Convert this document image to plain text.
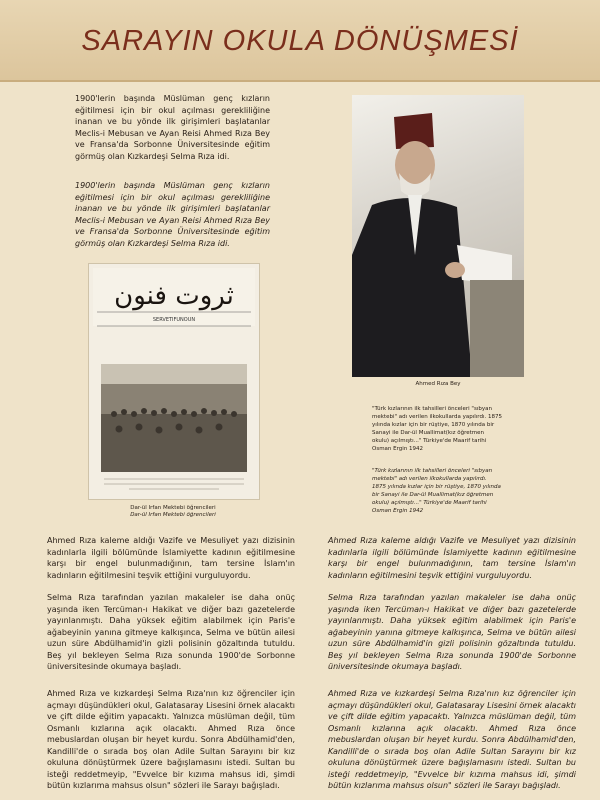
SARAYIN OKULA DÖNÜŞMESİ

1900'lerin başında Müslüman genç kızların eğitilmesi için bir okul açılması gerekliliğine inanan ve bu yönde ilk girişimleri başlatanlar Meclis-i Mebusan ve Ayan Reisi Ahmed Rıza Bey ve Fransa'da Sorbonne Üniversitesinde eğitim görmüş olan Kızkardeşi Selma Rıza idi.

1900'lerin başında Müslüman genç kızların eğitilmesi için bir okul açılması gerekliliğine inanan ve bu yönde ilk girişimleri başlatanlar Meclis-i Mebusan ve Ayan Reisi Ahmed Rıza Bey ve Fransa'da Sorbonne Üniversitesinde eğitim görmüş olan Kızkardeşi Selma Rıza idi.

ثروت فنون
SERVETIFUNOUN
Dar-ül Irfan Mektebi öğrencileri
Dar-ül Irfan Mektebi öğrencileri
Ahmed Rıza Bey

"Türk kızlarının ilk tahsilleri önceleri "sıbyan mektebi" adı verilen ilkokullarda yapılırdı. 1875 yılında kızlar için bir rüştiye, 1870 yılında bir Sanayi ile Dar-ül Muallimat(kız öğretmen okulu) açılmıştı..." Türkiye'de Maarif tarihi Osman Ergin 1942

"Türk kızlarının ilk tahsilleri önceleri "sıbyan mektebi" adı verilen ilkokullarda yapılırdı. 1875 yılında kızlar için bir rüştiye, 1870 yılında bir Sanayi ile Dar-ül Muallimat(kız öğretmen okulu) açılmıştı..." Türkiye'de Maarif tarihi Osman Ergin 1942

Ahmed Rıza kaleme aldığı Vazife ve Mesuliyet yazı dizisinin kadınlarla ilgili bölümünde İslamiyette kadının eğitilmesine karşı bir engel bulunmadığının, tam tersine İslam'ın kadınların eğitilmesini teşvik ettiğini vurguluyordu.

Selma Rıza tarafından yazılan makaleler ise daha onüç yaşında iken Tercüman-ı Hakikat ve diğer bazı gazetelerde yayınlanmıştı. Daha yüksek eğitim alabilmek için Paris'e ağabeyinin yanına gitmeye kalkışınca, Selma ve bütün ailesi uzun süre Abdülhamid'in gizli polisinin gözaltında tutuldu. Beş yıl bekleyen Selma Rıza sonunda 1900'de Sorbonne üniversitesinde okumaya başladı.

Ahmed Rıza ve kızkardeşi Selma Rıza'nın kız öğrenciler için açmayı düşündükleri okul, Galatasaray Lisesini örnek alacaktı ve çift dilde eğitim yapacaktı. Yalnızca müslüman değil, tüm Osmanlı kızlarına açık olacaktı. Ahmed Rıza önce mebuslardan oluşan bir heyet kurdu. Sonra Abdülhamid'den, Kandilli'de o sırada boş olan Adile Sultan Sarayını bir kız okuluna dönüştürmek üzere bağışlamasını istedi. Sultan bu isteği reddetmeyip, "Evvelce bir kızıma mahsus idi, şimdi bütün kızlarıma mahsus olsun" sözleri ile Sarayı bağışladı.

Ahmed Rıza kaleme aldığı Vazife ve Mesuliyet yazı dizisinin kadınlarla ilgili bölümünde İslamiyette kadının eğitilmesine karşı bir engel bulunmadığının, tam tersine İslam'ın kadınların eğitilmesini teşvik ettiğini vurguluyordu.

Selma Rıza tarafından yazılan makaleler ise daha onüç yaşında iken Tercüman-ı Hakikat ve diğer bazı gazetelerde yayınlanmıştı. Daha yüksek eğitim alabilmek için Paris'e ağabeyinin yanına gitmeye kalkışınca, Selma ve bütün ailesi uzun süre Abdülhamid'in gizli polisinin gözaltında tutuldu. Beş yıl bekleyen Selma Rıza sonunda 1900'de Sorbonne üniversitesinde okumaya başladı.

Ahmed Rıza ve kızkardeşi Selma Rıza'nın kız öğrenciler için açmayı düşündükleri okul, Galatasaray Lisesini örnek alacaktı ve çift dilde eğitim yapacaktı. Yalnızca müslüman değil, tüm Osmanlı kızlarına açık olacaktı. Ahmed Rıza önce mebuslardan oluşan bir heyet kurdu. Sonra Abdülhamid'den, Kandilli'de o sırada boş olan Adile Sultan Sarayını bir kız okuluna dönüştürmek üzere bağışlamasını istedi. Sultan bu isteği reddetmeyip, "Evvelce bir kızıma mahsus idi, şimdi bütün kızlarıma mahsus olsun" sözleri ile Sarayı bağışladı.
